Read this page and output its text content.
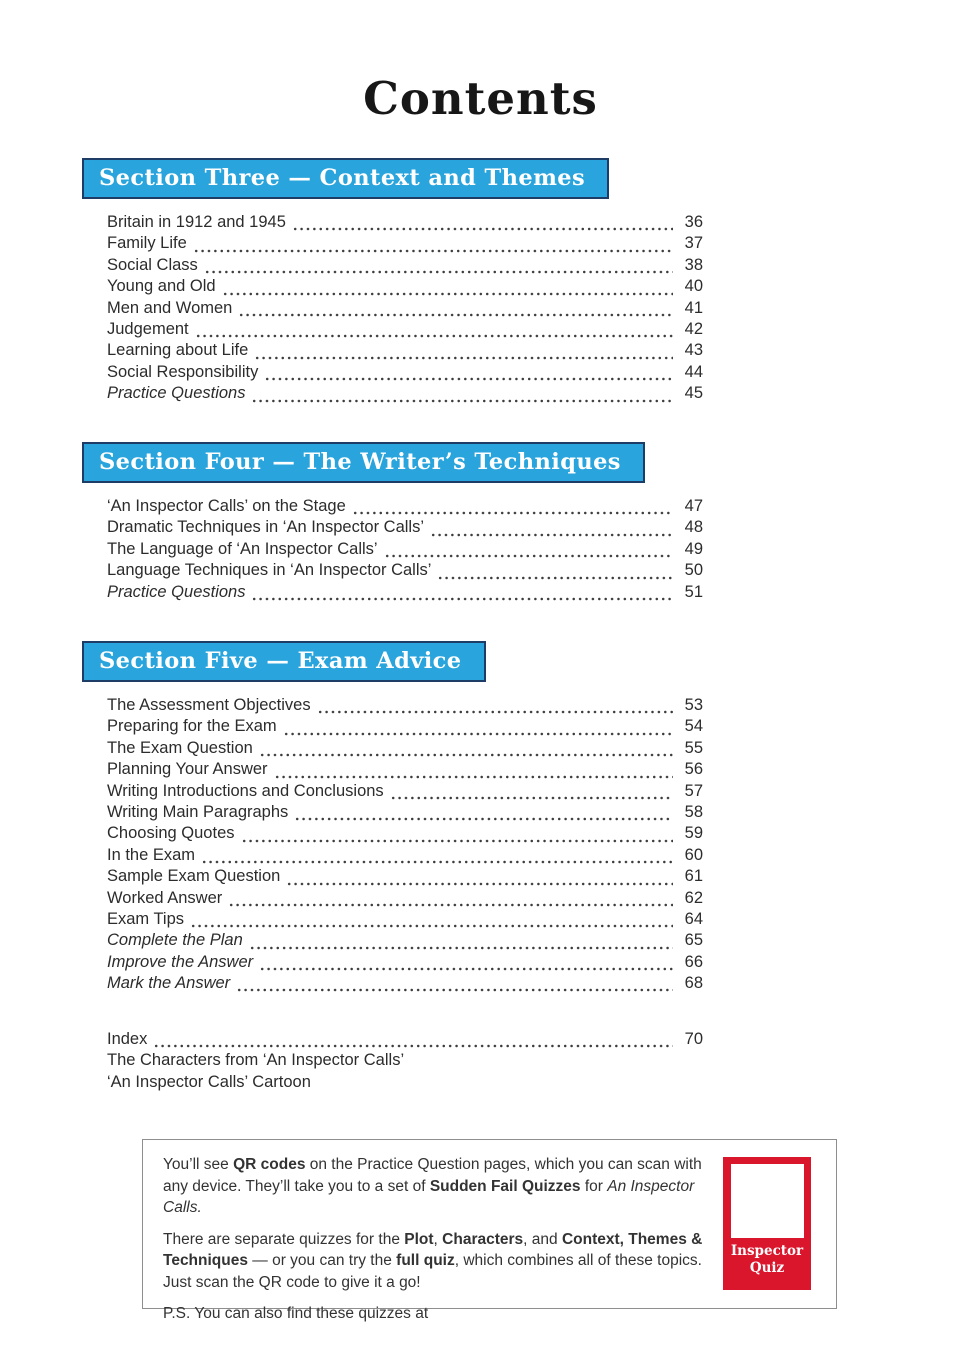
Contents
Section Three — Context and Themes
Britain in 1912 and 1945	36
Family Life	37
Social Class	38
Young and Old	40
Men and Women	41
Judgement	42
Learning about Life	43
Social Responsibility	44
Practice Questions	45
Section Four — The Writer’s Techniques
‘An Inspector Calls’ on the Stage	47
Dramatic Techniques in ‘An Inspector Calls’	48
The Language of ‘An Inspector Calls’	49
Language Techniques in ‘An Inspector Calls’	50
Practice Questions	51
Section Five — Exam Advice
The Assessment Objectives	53
Preparing for the Exam	54
The Exam Question	55
Planning Your Answer	56
Writing Introductions and Conclusions	57
Writing Main Paragraphs	58
Choosing Quotes	59
In the Exam	60
Sample Exam Question	61
Worked Answer	62
Exam Tips	64
Complete the Plan	65
Improve the Answer	66
Mark the Answer	68
Index	70
The Characters from ‘An Inspector Calls’
‘An Inspector Calls’ Cartoon

You’ll see QR codes on the Practice Question pages, which you can scan with any device. They’ll take you to a set of Sudden Fail Quizzes for An Inspector Calls.

There are separate quizzes for the Plot, Characters, and Context, Themes & Techniques — or you can try the full quiz, which combines all of these topics. Just scan the QR code to give it a go!

P.S. You can also find these quizzes at

Inspector
Quiz
